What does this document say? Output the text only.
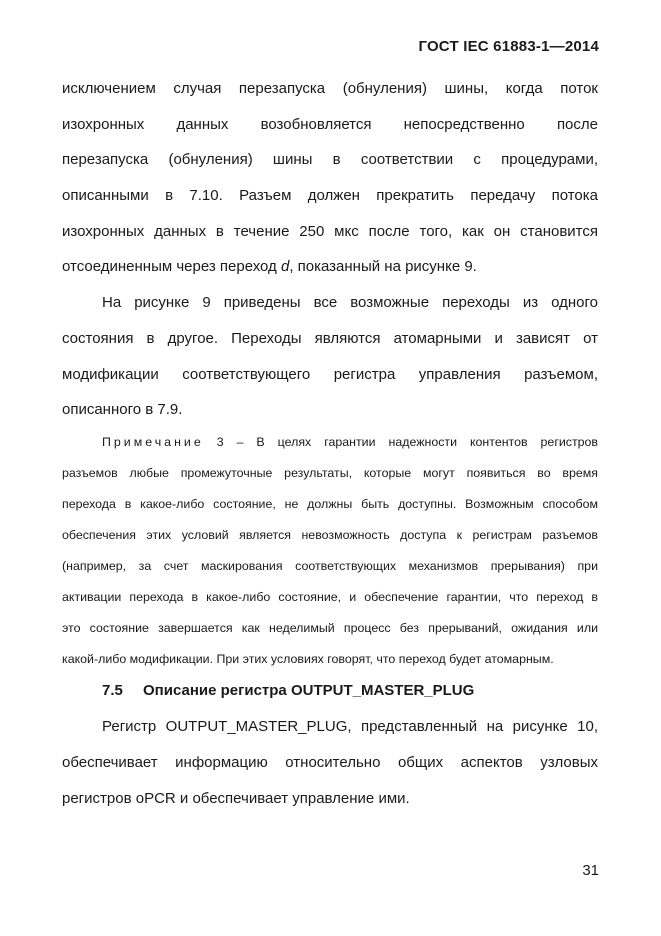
ГОСТ IEC 61883-1—2014
исключением случая перезапуска (обнуления) шины, когда поток
изохронных данных возобновляется непосредственно после
перезапуска (обнуления) шины в соответствии с процедурами,
описанными в 7.10. Разъем должен прекратить передачу потока
изохронных данных в течение 250 мкс после того, как он становится
отсоединенным через переход d, показанный на рисунке 9.
На рисунке 9 приведены все возможные переходы из одного
состояния в другое. Переходы являются атомарными и зависят от
модификации соответствующего регистра управления разъемом,
описанного в 7.9.
Примечание 3 – В целях гарантии надежности контентов регистров
разъемов любые промежуточные результаты, которые могут появиться во время
перехода в какое-либо состояние, не должны быть доступны. Возможным способом
обеспечения этих условий является невозможность доступа к регистрам разъемов
(например, за счет маскирования соответствующих механизмов прерывания) при
активации перехода в какое-либо состояние, и обеспечение гарантии, что переход в
это состояние завершается как неделимый процесс без прерываний, ожидания или
какой-либо модификации. При этих условиях говорят, что переход будет атомарным.
7.5 Описание регистра OUTPUT_MASTER_PLUG
Регистр OUTPUT_MASTER_PLUG, представленный на рисунке 10,
обеспечивает информацию относительно общих аспектов узловых
регистров oPCR и обеспечивает управление ими.
31
